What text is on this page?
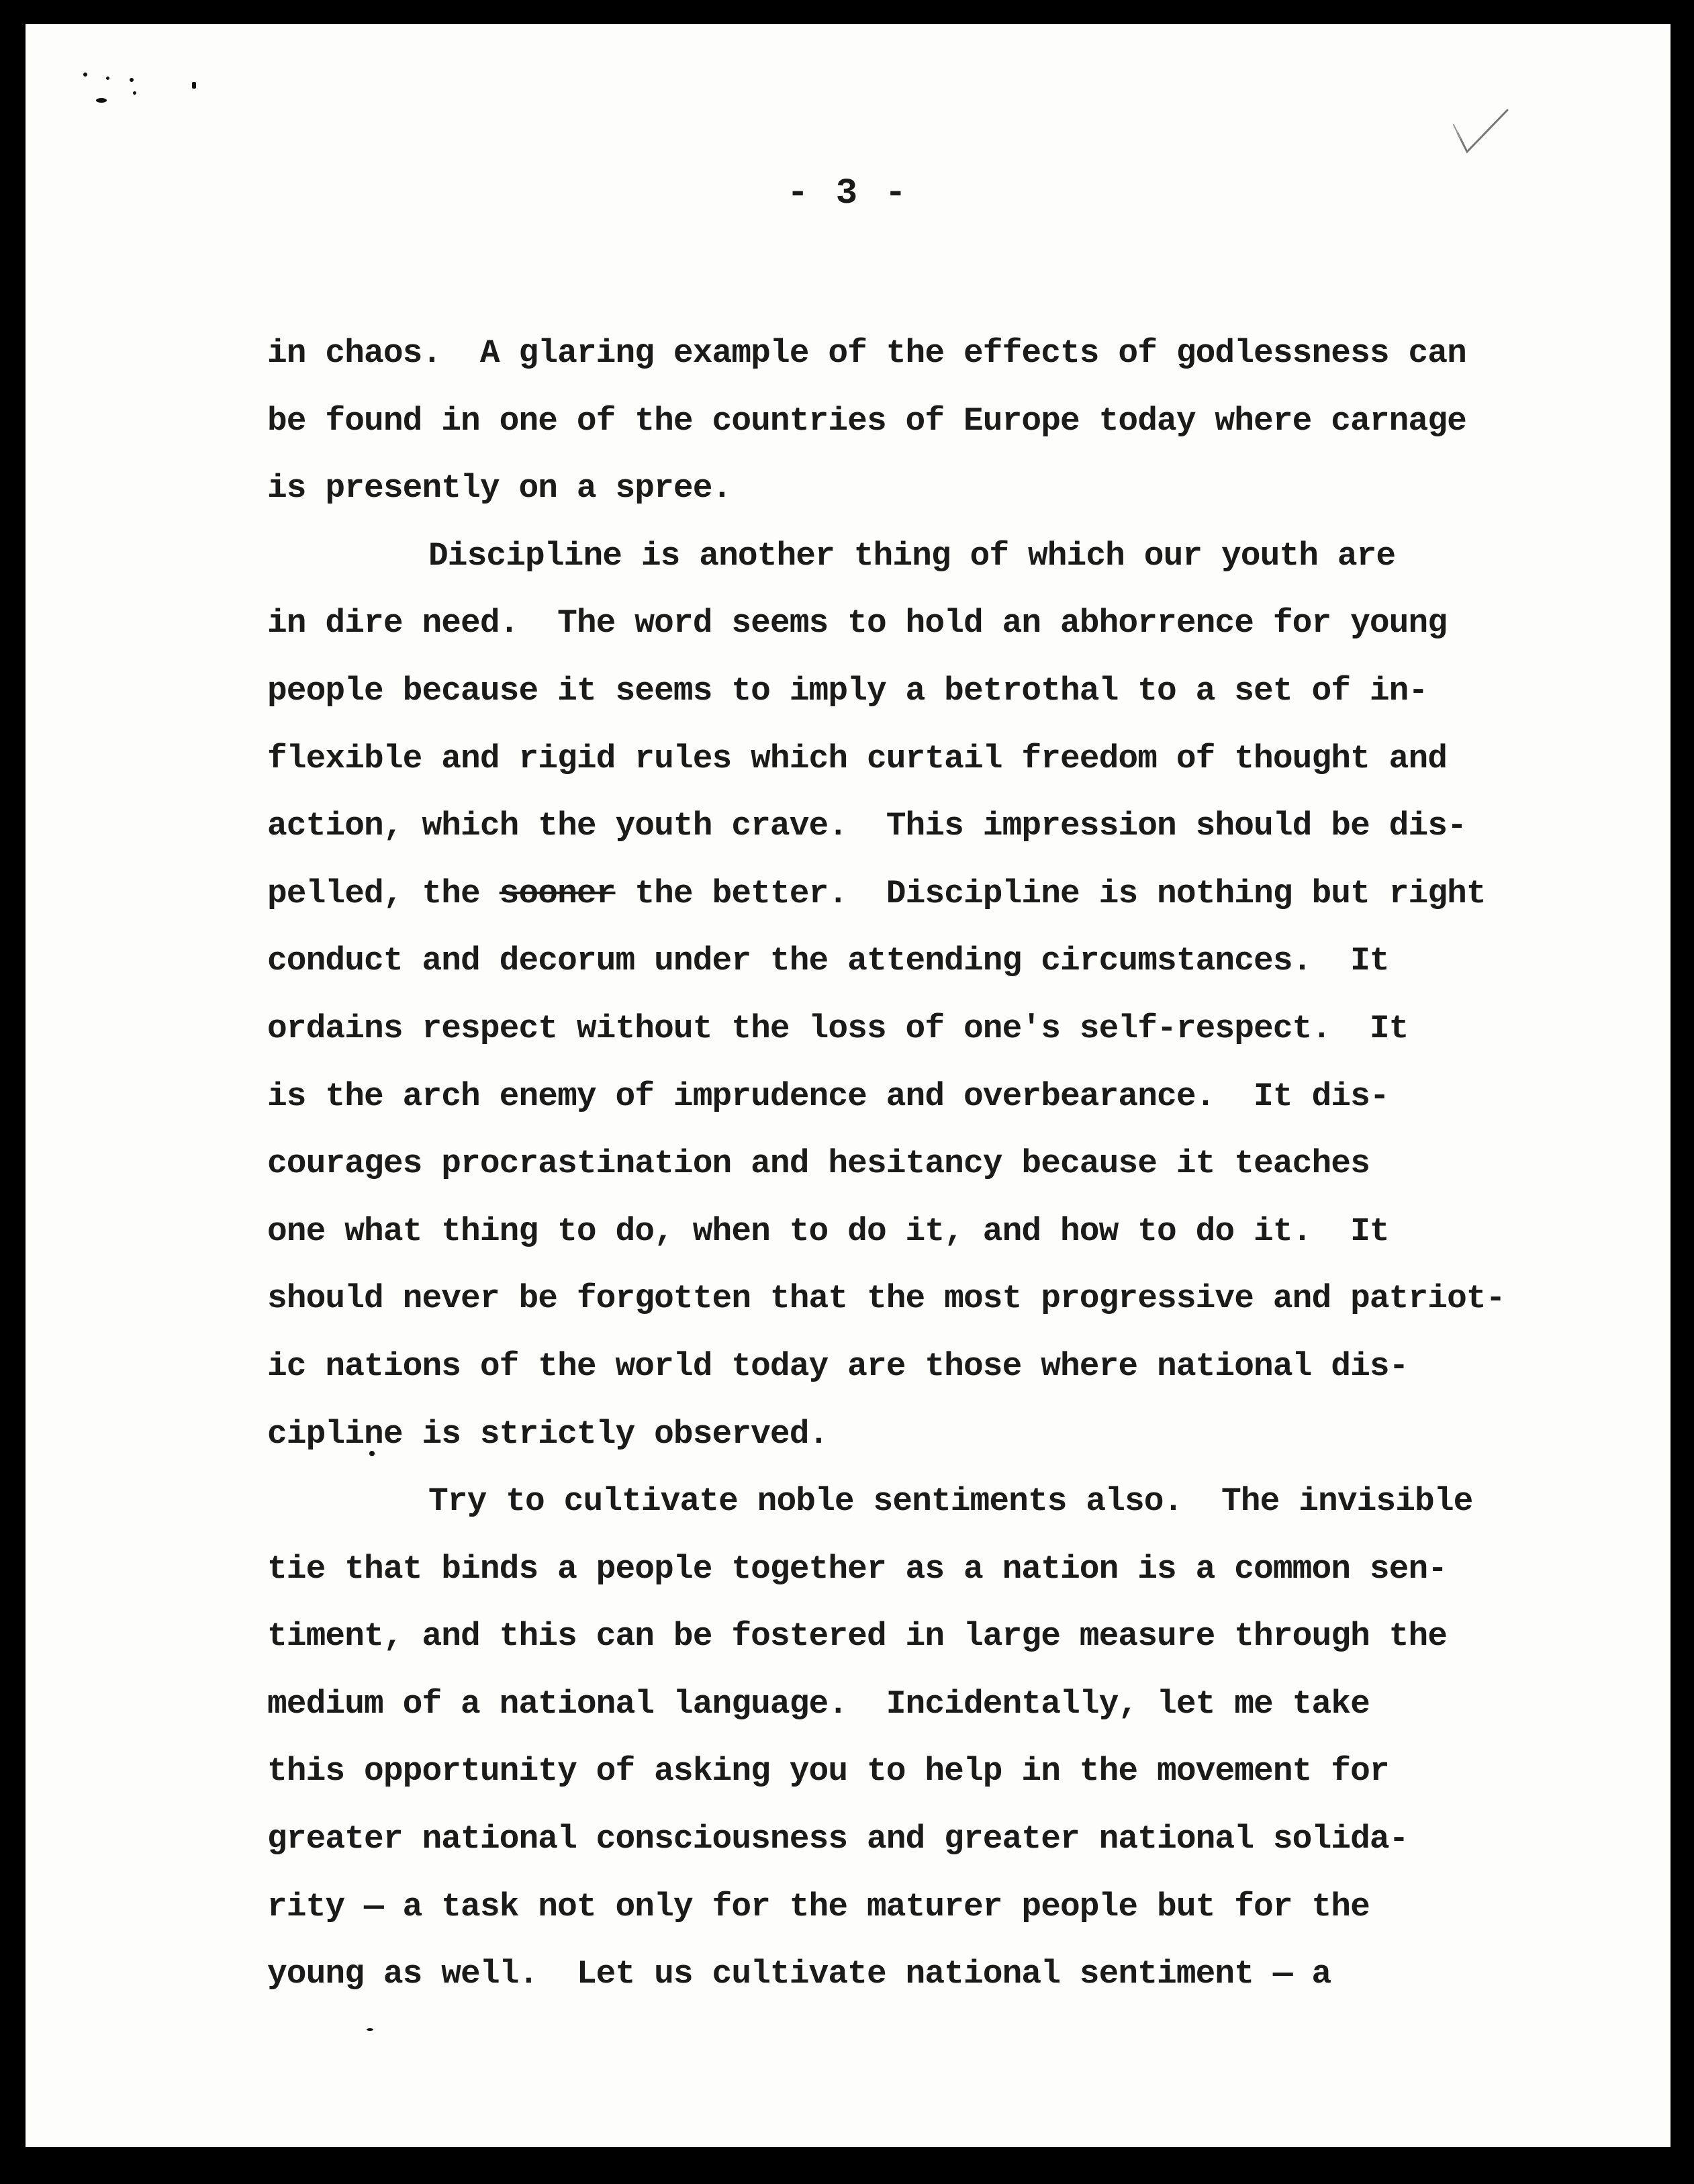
- 3 -
in chaos.  A glaring example of the effects of godlessness can
be found in one of the countries of Europe today where carnage
is presently on a spree.
Discipline is another thing of which our youth are
in dire need.  The word seems to hold an abhorrence for young
people because it seems to imply a betrothal to a set of in-
flexible and rigid rules which curtail freedom of thought and
action, which the youth crave.  This impression should be dis-
pelled, the sooner the better.  Discipline is nothing but right
conduct and decorum under the attending circumstances.  It
ordains respect without the loss of one's self-respect.  It
is the arch enemy of imprudence and overbearance.  It dis-
courages procrastination and hesitancy because it teaches
one what thing to do, when to do it, and how to do it.  It
should never be forgotten that the most progressive and patriot-
ic nations of the world today are those where national dis-
cipline is strictly observed.
Try to cultivate noble sentiments also.  The invisible
tie that binds a people together as a nation is a common sen-
timent, and this can be fostered in large measure through the
medium of a national language.  Incidentally, let me take
this opportunity of asking you to help in the movement for
greater national consciousness and greater national solida-
rity — a task not only for the maturer people but for the
young as well.  Let us cultivate national sentiment — a
